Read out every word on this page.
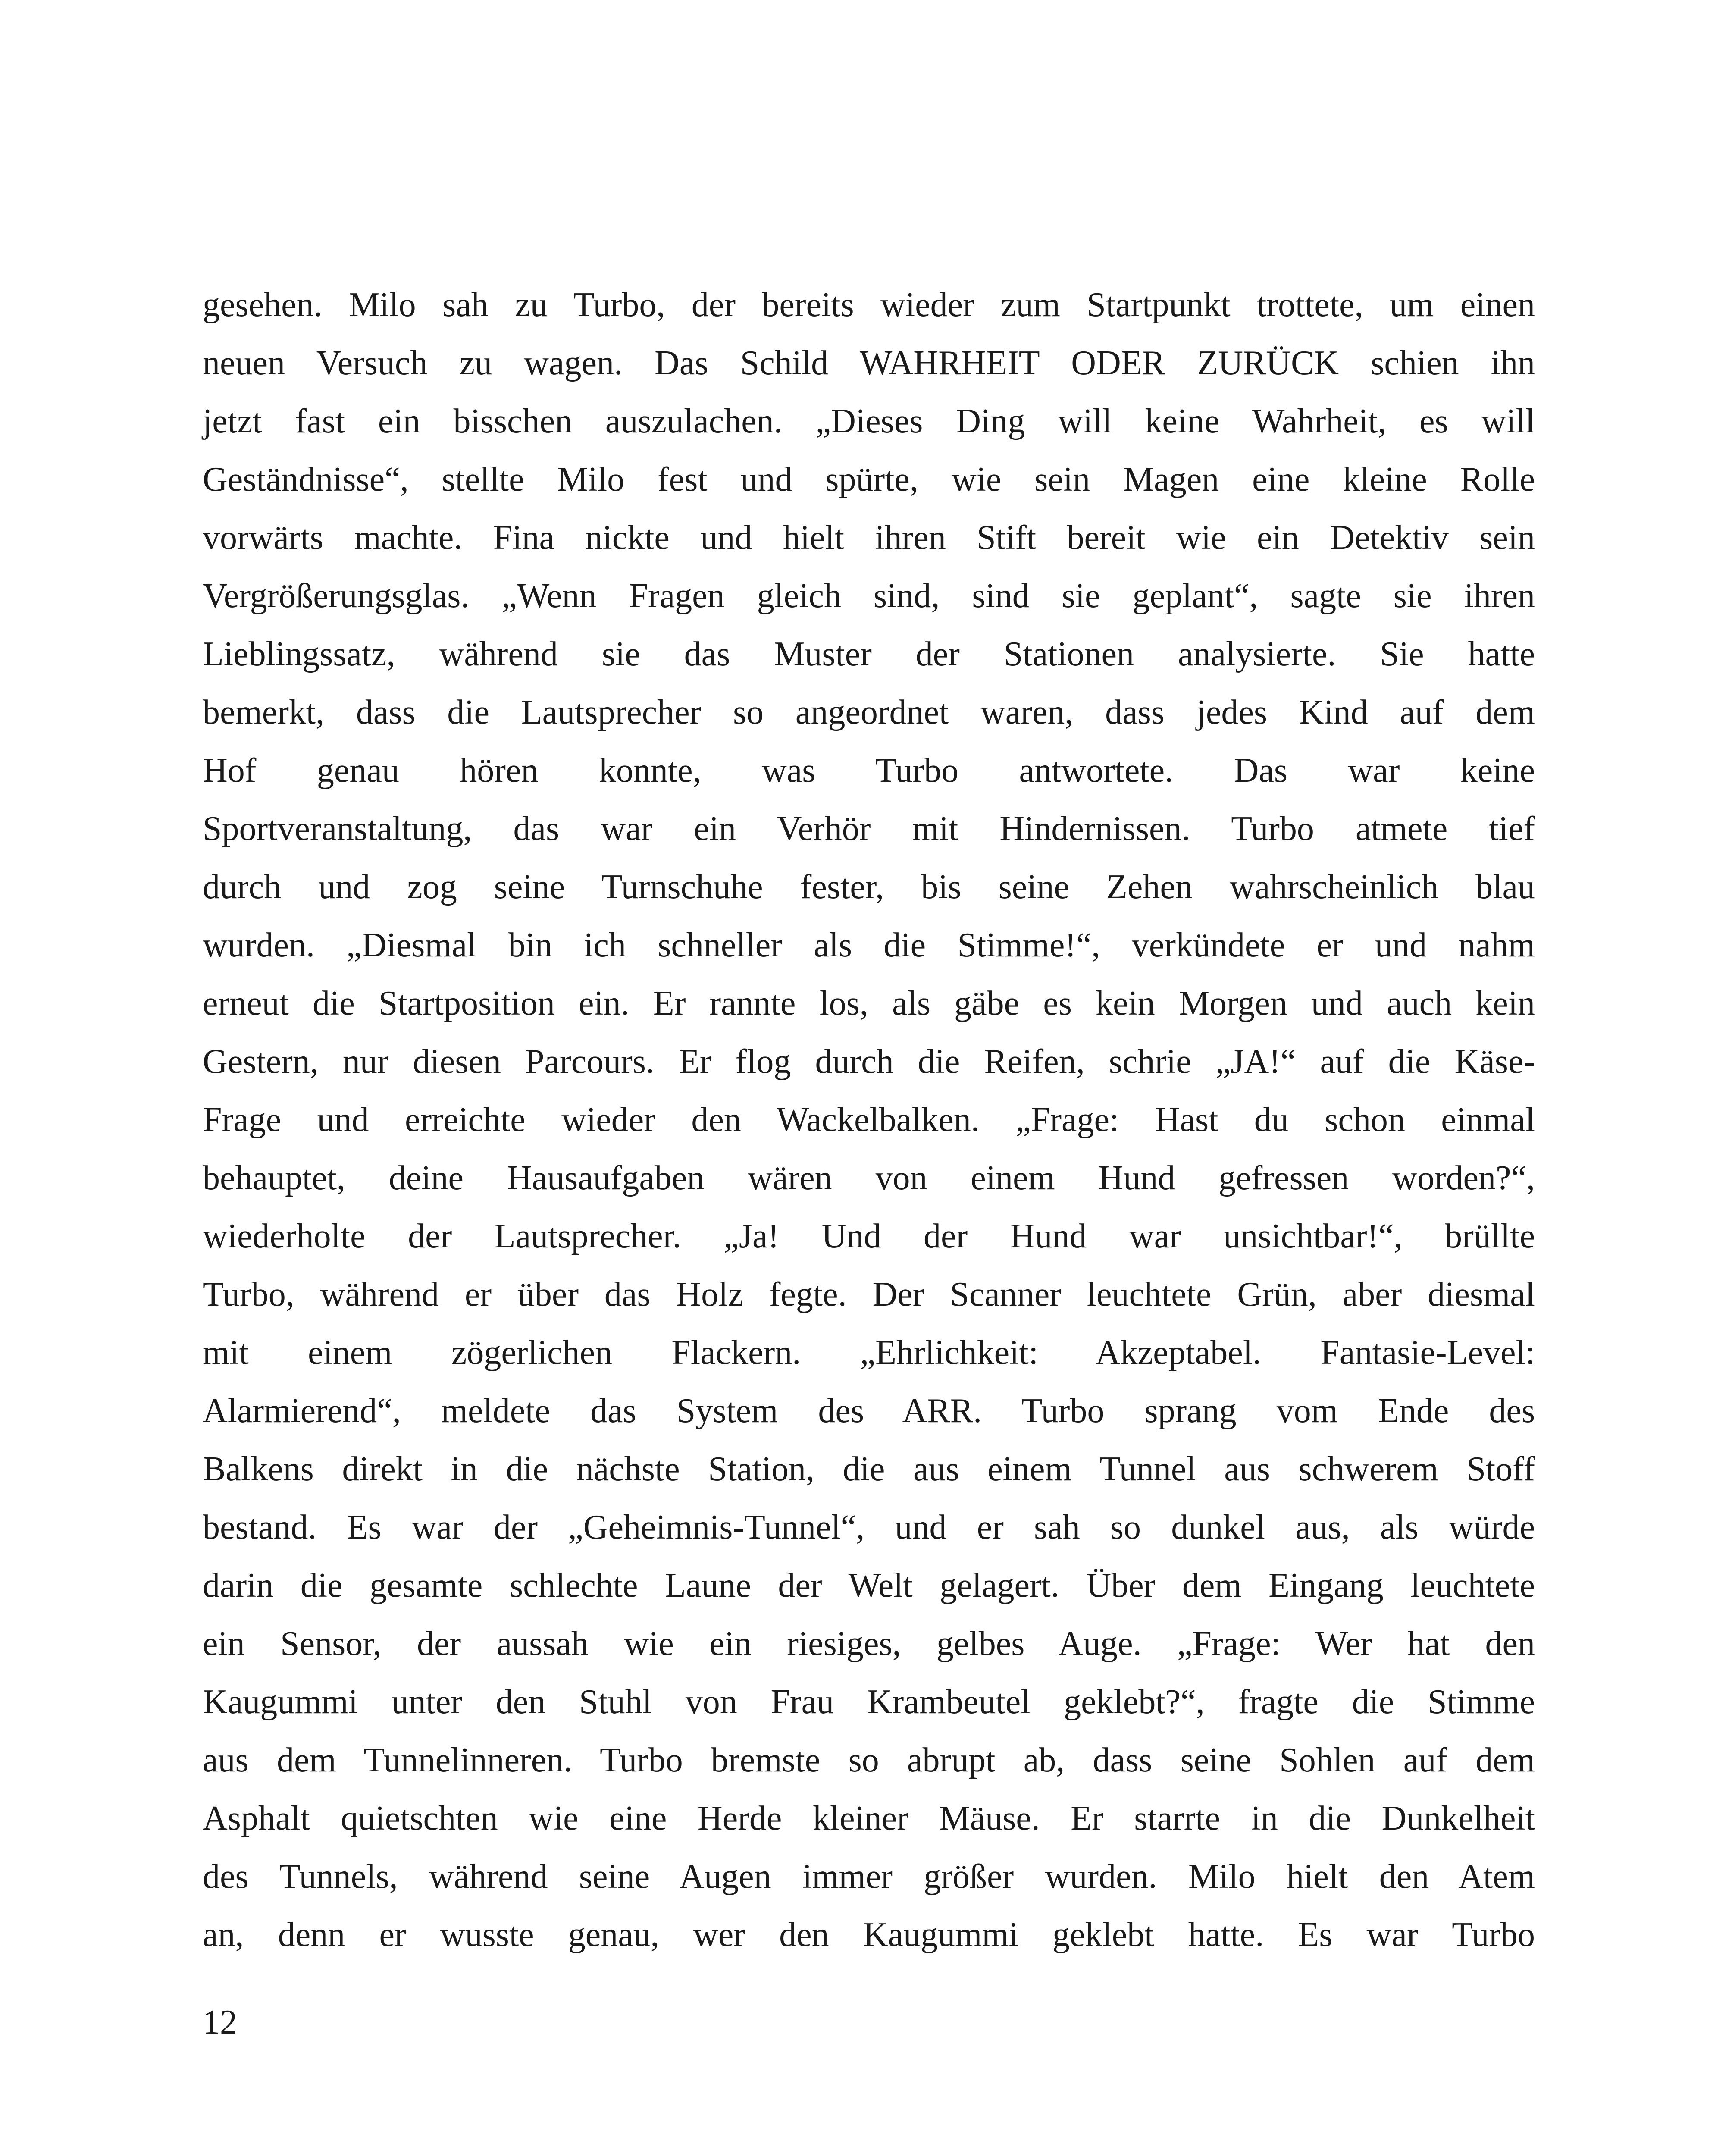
gesehen. Milo sah zu Turbo, der bereits wieder zum Startpunkt trottete, um einen
neuen Versuch zu wagen. Das Schild WAHRHEIT ODER ZURÜCK schien ihn
jetzt fast ein bisschen auszulachen. „Dieses Ding will keine Wahrheit, es will
Geständnisse“, stellte Milo fest und spürte, wie sein Magen eine kleine Rolle
vorwärts machte. Fina nickte und hielt ihren Stift bereit wie ein Detektiv sein
Vergrößerungsglas. „Wenn Fragen gleich sind, sind sie geplant“, sagte sie ihren
Lieblingssatz, während sie das Muster der Stationen analysierte. Sie hatte
bemerkt, dass die Lautsprecher so angeordnet waren, dass jedes Kind auf dem
Hof genau hören konnte, was Turbo antwortete. Das war keine
Sportveranstaltung, das war ein Verhör mit Hindernissen. Turbo atmete tief
durch und zog seine Turnschuhe fester, bis seine Zehen wahrscheinlich blau
wurden. „Diesmal bin ich schneller als die Stimme!“, verkündete er und nahm
erneut die Startposition ein. Er rannte los, als gäbe es kein Morgen und auch kein
Gestern, nur diesen Parcours. Er flog durch die Reifen, schrie „JA!“ auf die Käse-
Frage und erreichte wieder den Wackelbalken. „Frage: Hast du schon einmal
behauptet, deine Hausaufgaben wären von einem Hund gefressen worden?“,
wiederholte der Lautsprecher. „Ja! Und der Hund war unsichtbar!“, brüllte
Turbo, während er über das Holz fegte. Der Scanner leuchtete Grün, aber diesmal
mit einem zögerlichen Flackern. „Ehrlichkeit: Akzeptabel. Fantasie-Level:
Alarmierend“, meldete das System des ARR. Turbo sprang vom Ende des
Balkens direkt in die nächste Station, die aus einem Tunnel aus schwerem Stoff
bestand. Es war der „Geheimnis-Tunnel“, und er sah so dunkel aus, als würde
darin die gesamte schlechte Laune der Welt gelagert. Über dem Eingang leuchtete
ein Sensor, der aussah wie ein riesiges, gelbes Auge. „Frage: Wer hat den
Kaugummi unter den Stuhl von Frau Krambeutel geklebt?“, fragte die Stimme
aus dem Tunnelinneren. Turbo bremste so abrupt ab, dass seine Sohlen auf dem
Asphalt quietschten wie eine Herde kleiner Mäuse. Er starrte in die Dunkelheit
des Tunnels, während seine Augen immer größer wurden. Milo hielt den Atem
an, denn er wusste genau, wer den Kaugummi geklebt hatte. Es war Turbo
12
